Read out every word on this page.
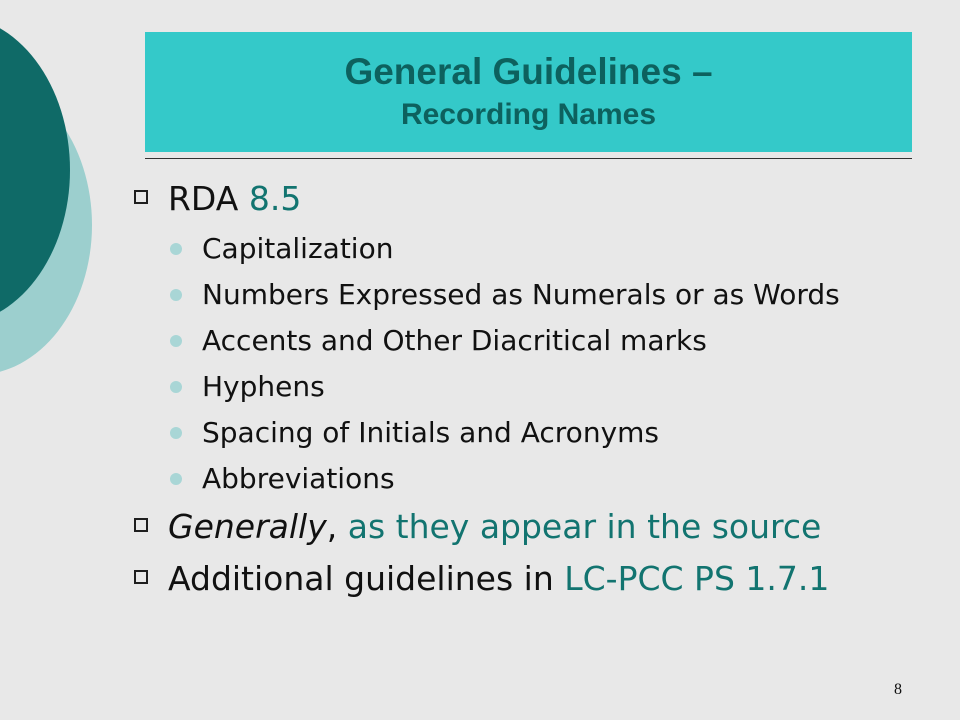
General Guidelines –
Recording Names
RDA 8.5
Capitalization
Numbers Expressed as Numerals or as Words
Accents and Other Diacritical marks
Hyphens
Spacing of Initials and Acronyms
Abbreviations
Generally, as they appear in the source
Additional guidelines in LC-PCC PS 1.7.1
8
